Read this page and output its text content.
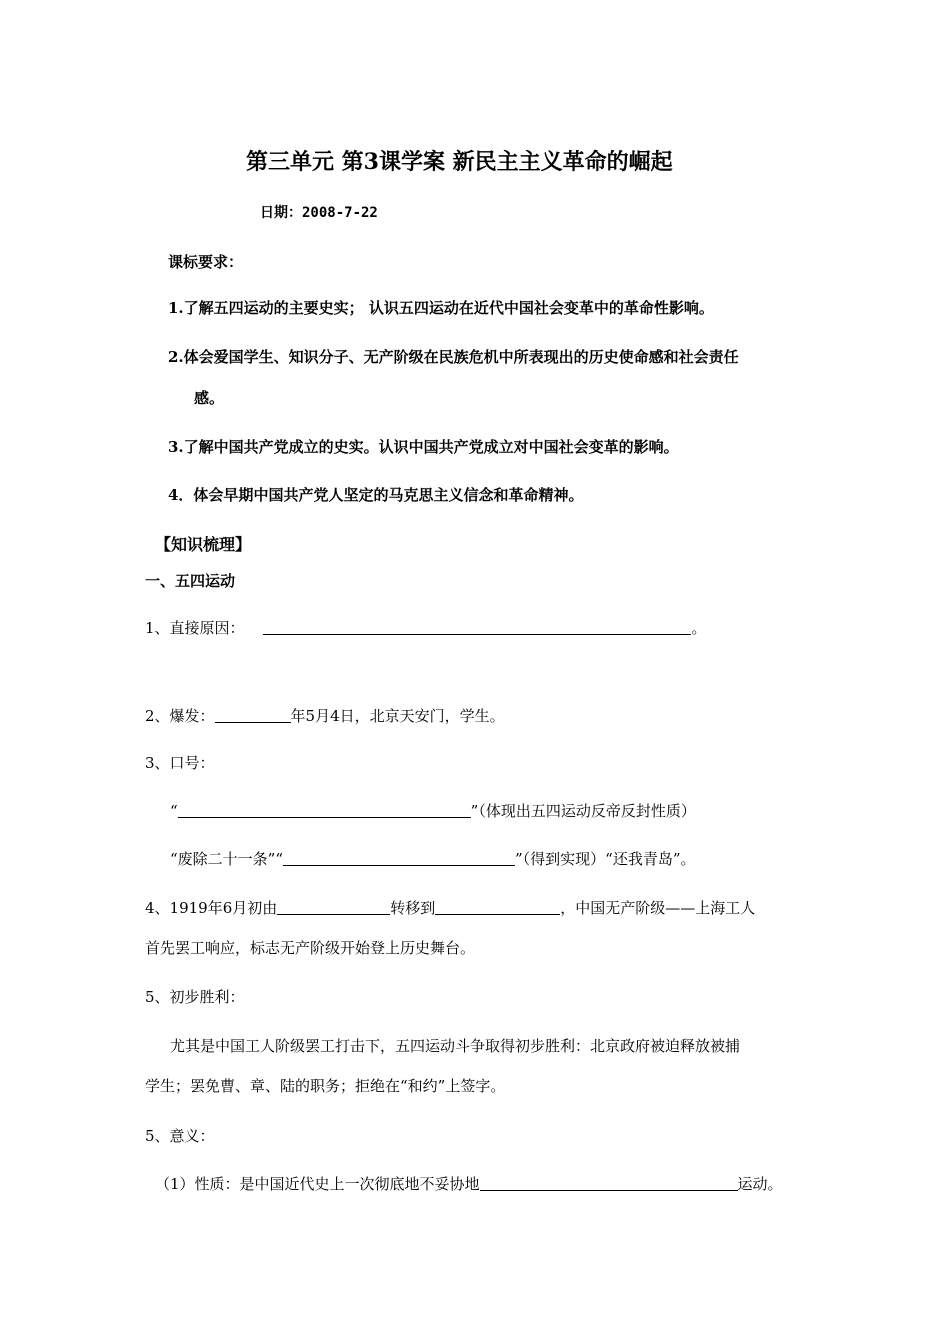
第三单元 第3课学案 新民主主义革命的崛起
日期：2008-7-22
课标要求：
1.了解五四运动的主要史实； 认识五四运动在近代中国社会变革中的革命性影响。
2.体会爱国学生、知识分子、无产阶级在民族危机中所表现出的历史使命感和社会责任
感。
3.了解中国共产党成立的史实。认识中国共产党成立对中国社会变革的影响。
4．体会早期中国共产党人坚定的马克思主义信念和革命精神。
【知识梳理】
一、五四运动
1、直接原因：	。
2、爆发：	年5月4日，北京天安门，学生。
3、口号：
“	”（体现出五四运动反帝反封性质）
“废除二十一条”“	”（得到实现）“还我青岛”。
4、1919年6月初由	转移到	，中国无产阶级——上海工人
首先罢工响应，标志无产阶级开始登上历史舞台。
5、初步胜利：
尤其是中国工人阶级罢工打击下，五四运动斗争取得初步胜利：北京政府被迫释放被捕
学生；罢免曹、章、陆的职务；拒绝在“和约”上签字。
5、意义：
（1）性质：是中国近代史上一次彻底地不妥协地	运动。
